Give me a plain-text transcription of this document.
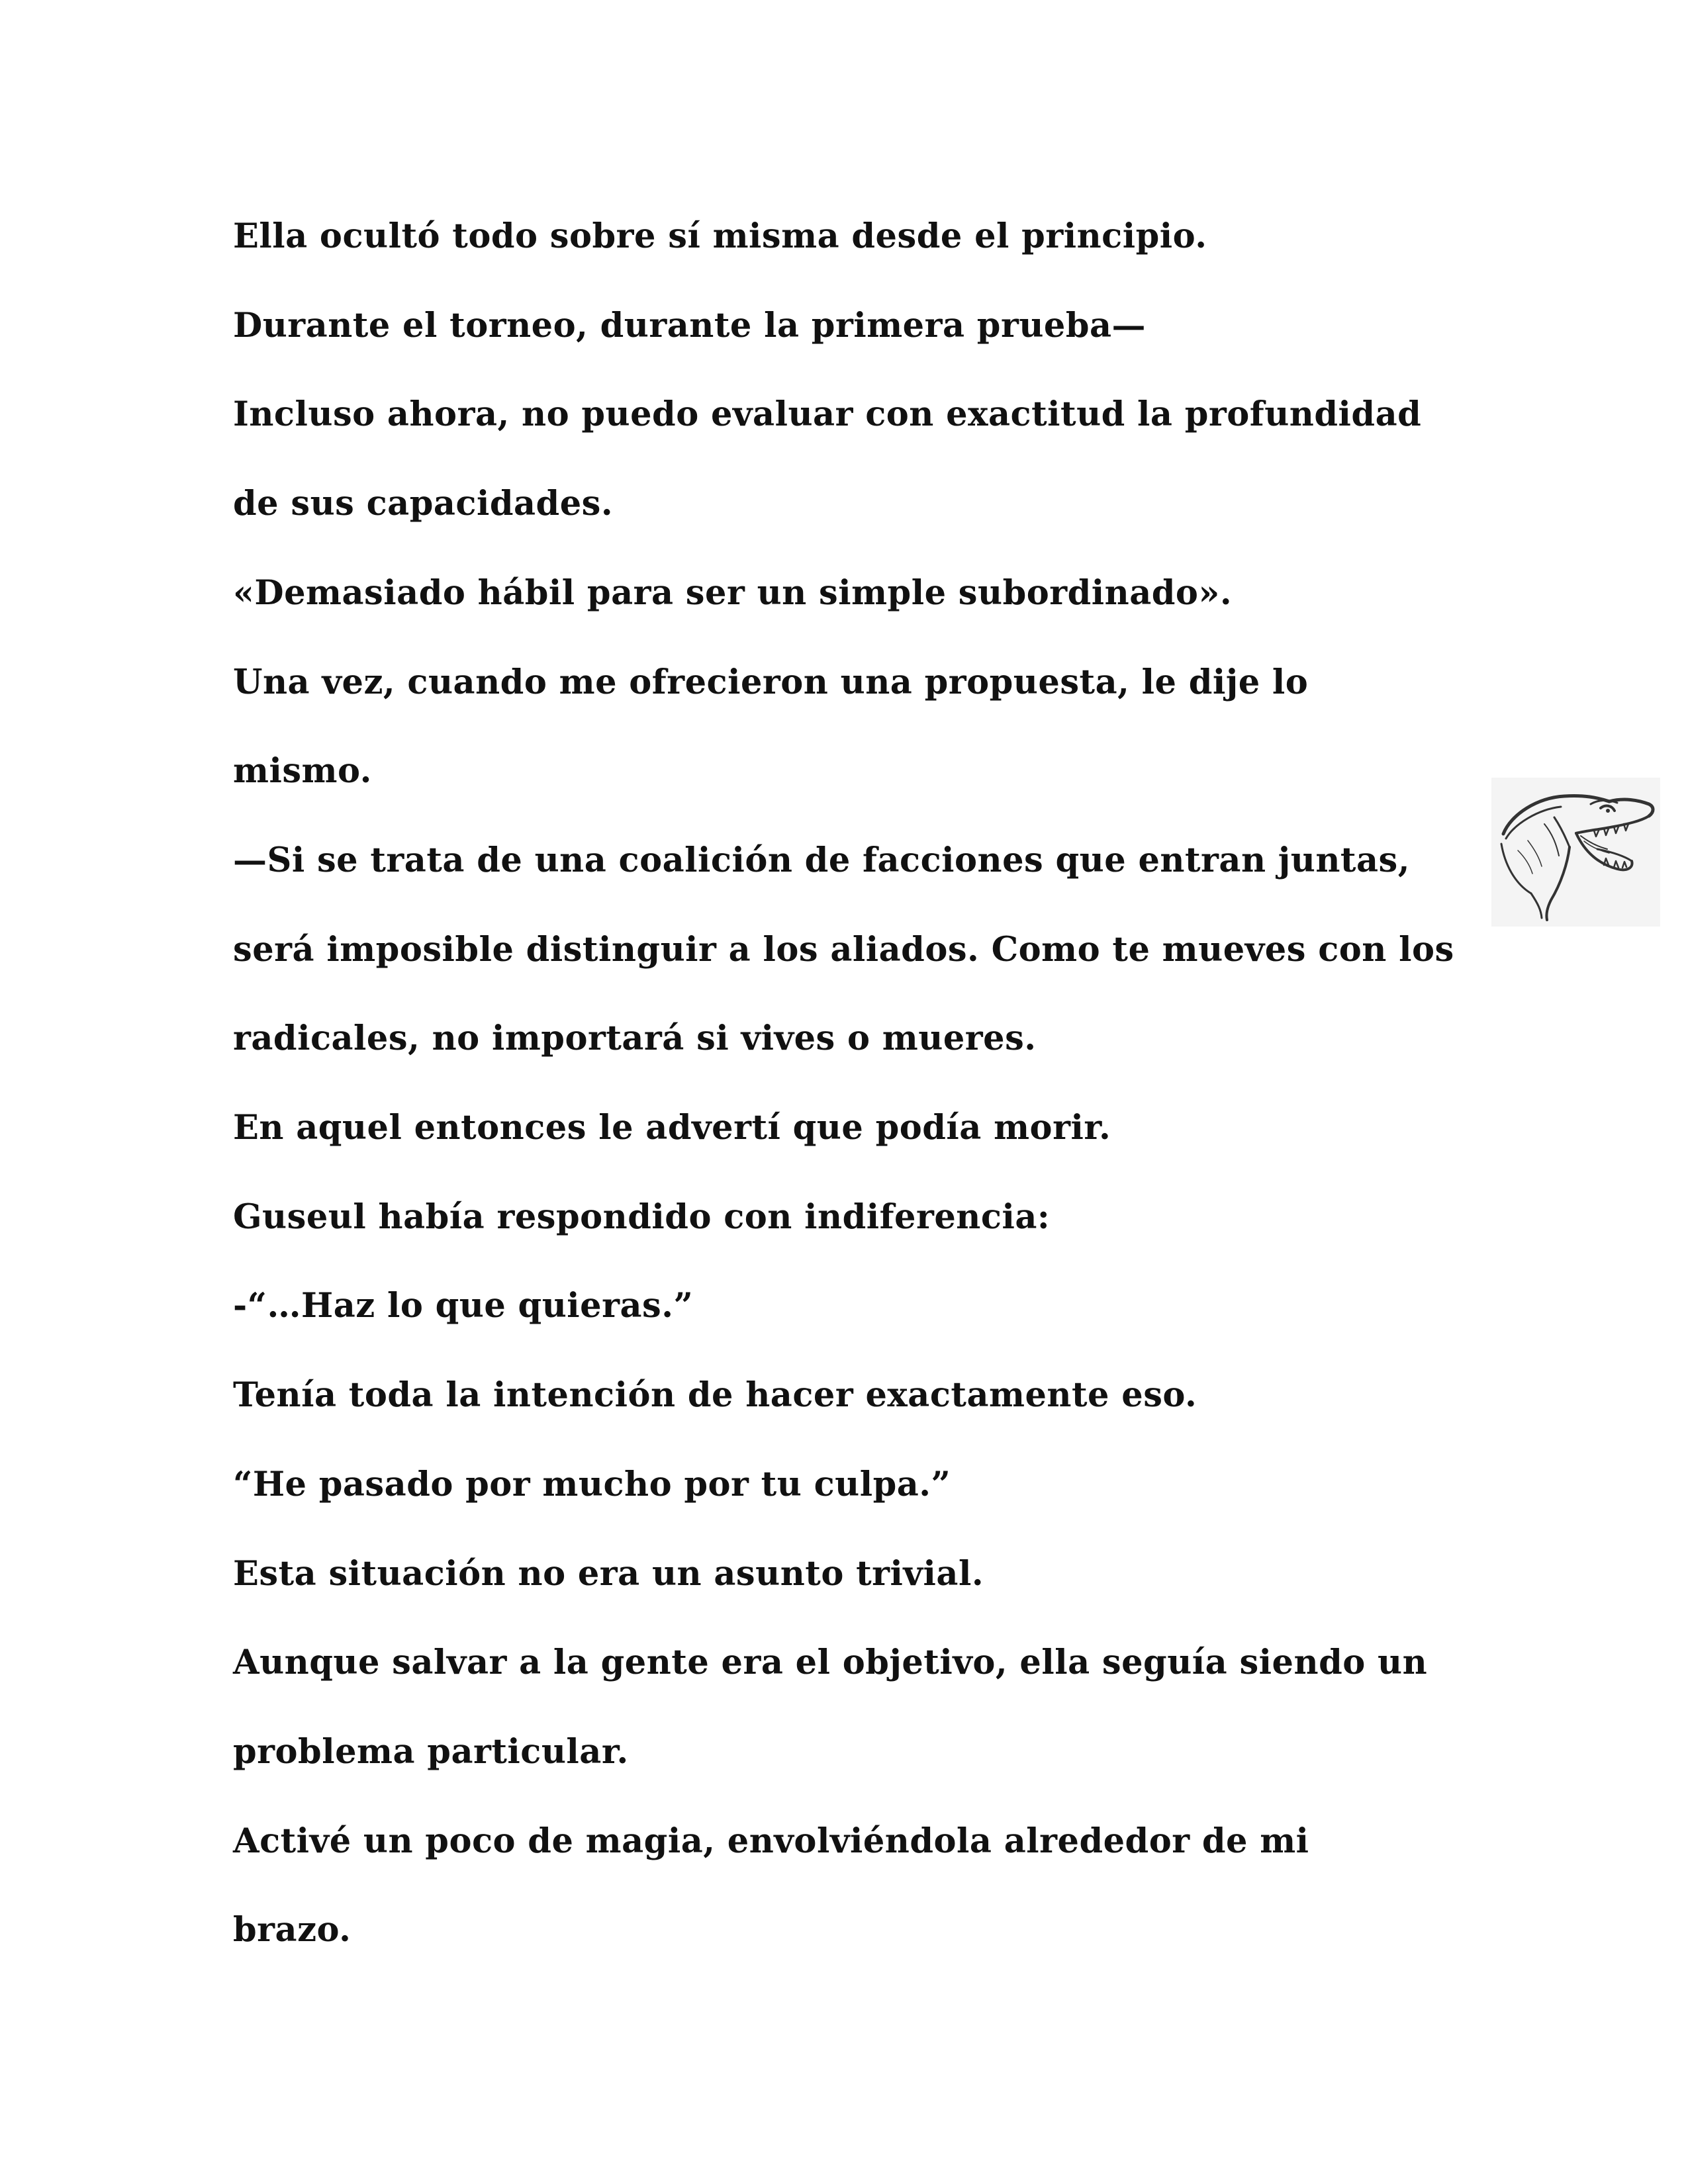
Ella ocultó todo sobre sí misma desde el principio.

Durante el torneo, durante la primera prueba—

Incluso ahora, no puedo evaluar con exactitud la profundidad

de sus capacidades.

«Demasiado hábil para ser un simple subordinado».

Una vez, cuando me ofrecieron una propuesta, le dije lo

mismo.

—Si se trata de una coalición de facciones que entran juntas,

será imposible distinguir a los aliados. Como te mueves con los

radicales, no importará si vives o mueres.

En aquel entonces le advertí que podía morir.

Guseul había respondido con indiferencia:

-“…Haz lo que quieras.”

Tenía toda la intención de hacer exactamente eso.

“He pasado por mucho por tu culpa.”

Esta situación no era un asunto trivial.

Aunque salvar a la gente era el objetivo, ella seguía siendo un

problema particular.

Activé un poco de magia, envolviéndola alrededor de mi

brazo.
